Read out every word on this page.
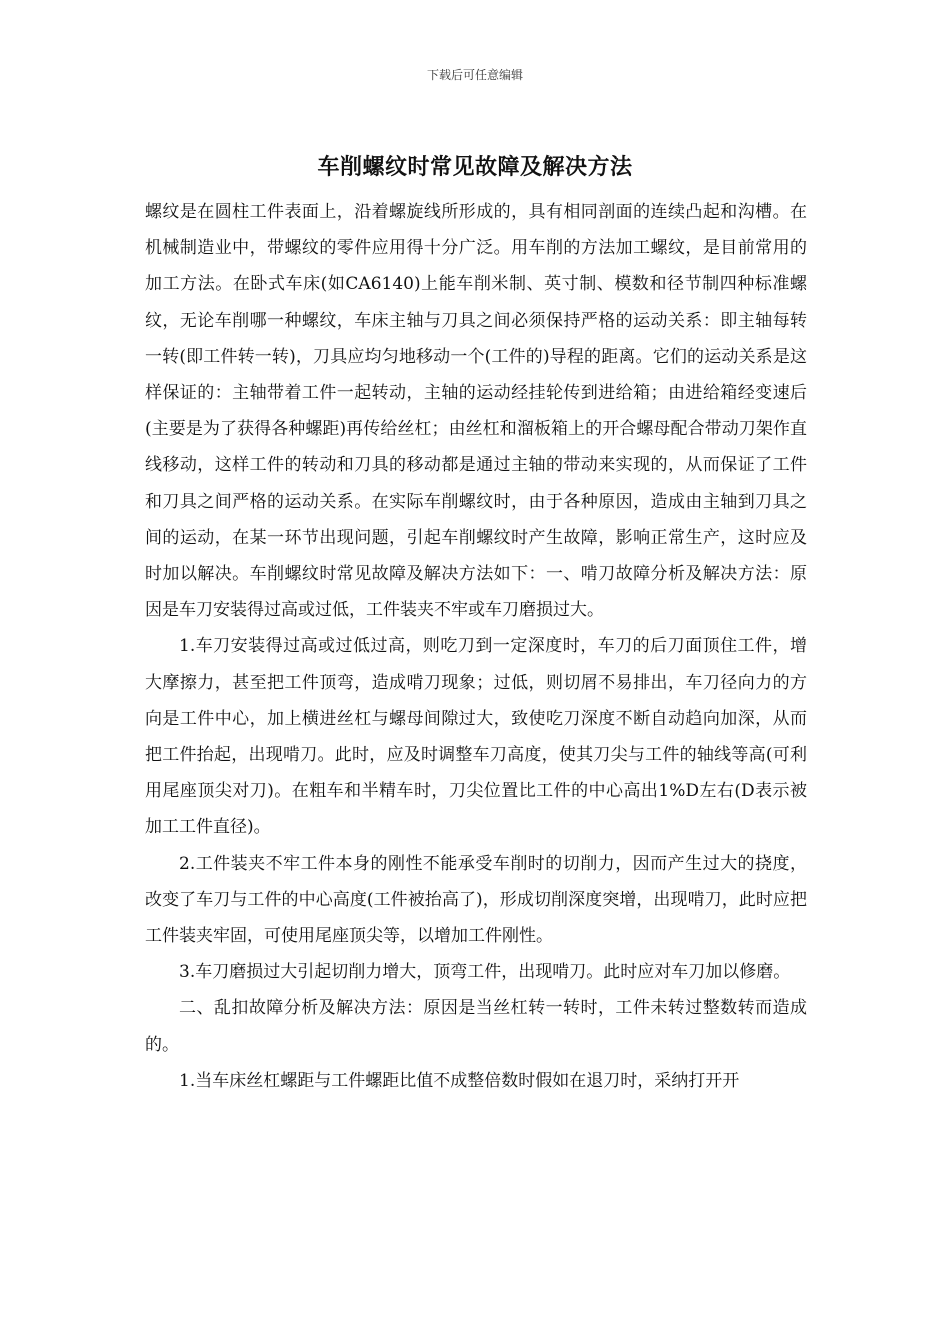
下载后可任意编辑
车削螺纹时常见故障及解决方法

螺纹是在圆柱工件表面上，沿着螺旋线所形成的，具有相同剖面的连续凸起和沟槽。在机械制造业中，带螺纹的零件应用得十分广泛。用车削的方法加工螺纹，是目前常用的加工方法。在卧式车床(如CA6140)上能车削米制、英寸制、模数和径节制四种标准螺纹，无论车削哪一种螺纹，车床主轴与刀具之间必须保持严格的运动关系：即主轴每转一转(即工件转一转)，刀具应均匀地移动一个(工件的)导程的距离。它们的运动关系是这样保证的：主轴带着工件一起转动，主轴的运动经挂轮传到进给箱；由进给箱经变速后(主要是为了获得各种螺距)再传给丝杠；由丝杠和溜板箱上的开合螺母配合带动刀架作直线移动，这样工件的转动和刀具的移动都是通过主轴的带动来实现的，从而保证了工件和刀具之间严格的运动关系。在实际车削螺纹时，由于各种原因，造成由主轴到刀具之间的运动，在某一环节出现问题，引起车削螺纹时产生故障，影响正常生产，这时应及时加以解决。车削螺纹时常见故障及解决方法如下：一、啃刀故障分析及解决方法：原因是车刀安装得过高或过低，工件装夹不牢或车刀磨损过大。

1.车刀安装得过高或过低过高，则吃刀到一定深度时，车刀的后刀面顶住工件，增大摩擦力，甚至把工件顶弯，造成啃刀现象；过低，则切屑不易排出，车刀径向力的方向是工件中心，加上横进丝杠与螺母间隙过大，致使吃刀深度不断自动趋向加深，从而把工件抬起，出现啃刀。此时，应及时调整车刀高度，使其刀尖与工件的轴线等高(可利用尾座顶尖对刀)。在粗车和半精车时，刀尖位置比工件的中心高出1%D左右(D表示被加工工件直径)。

2.工件装夹不牢工件本身的刚性不能承受车削时的切削力，因而产生过大的挠度，改变了车刀与工件的中心高度(工件被抬高了)，形成切削深度突增，出现啃刀，此时应把工件装夹牢固，可使用尾座顶尖等，以增加工件刚性。

3.车刀磨损过大引起切削力增大，顶弯工件，出现啃刀。此时应对车刀加以修磨。

二、乱扣故障分析及解决方法：原因是当丝杠转一转时，工件未转过整数转而造成的。

1.当车床丝杠螺距与工件螺距比值不成整倍数时假如在退刀时，采纳打开开
